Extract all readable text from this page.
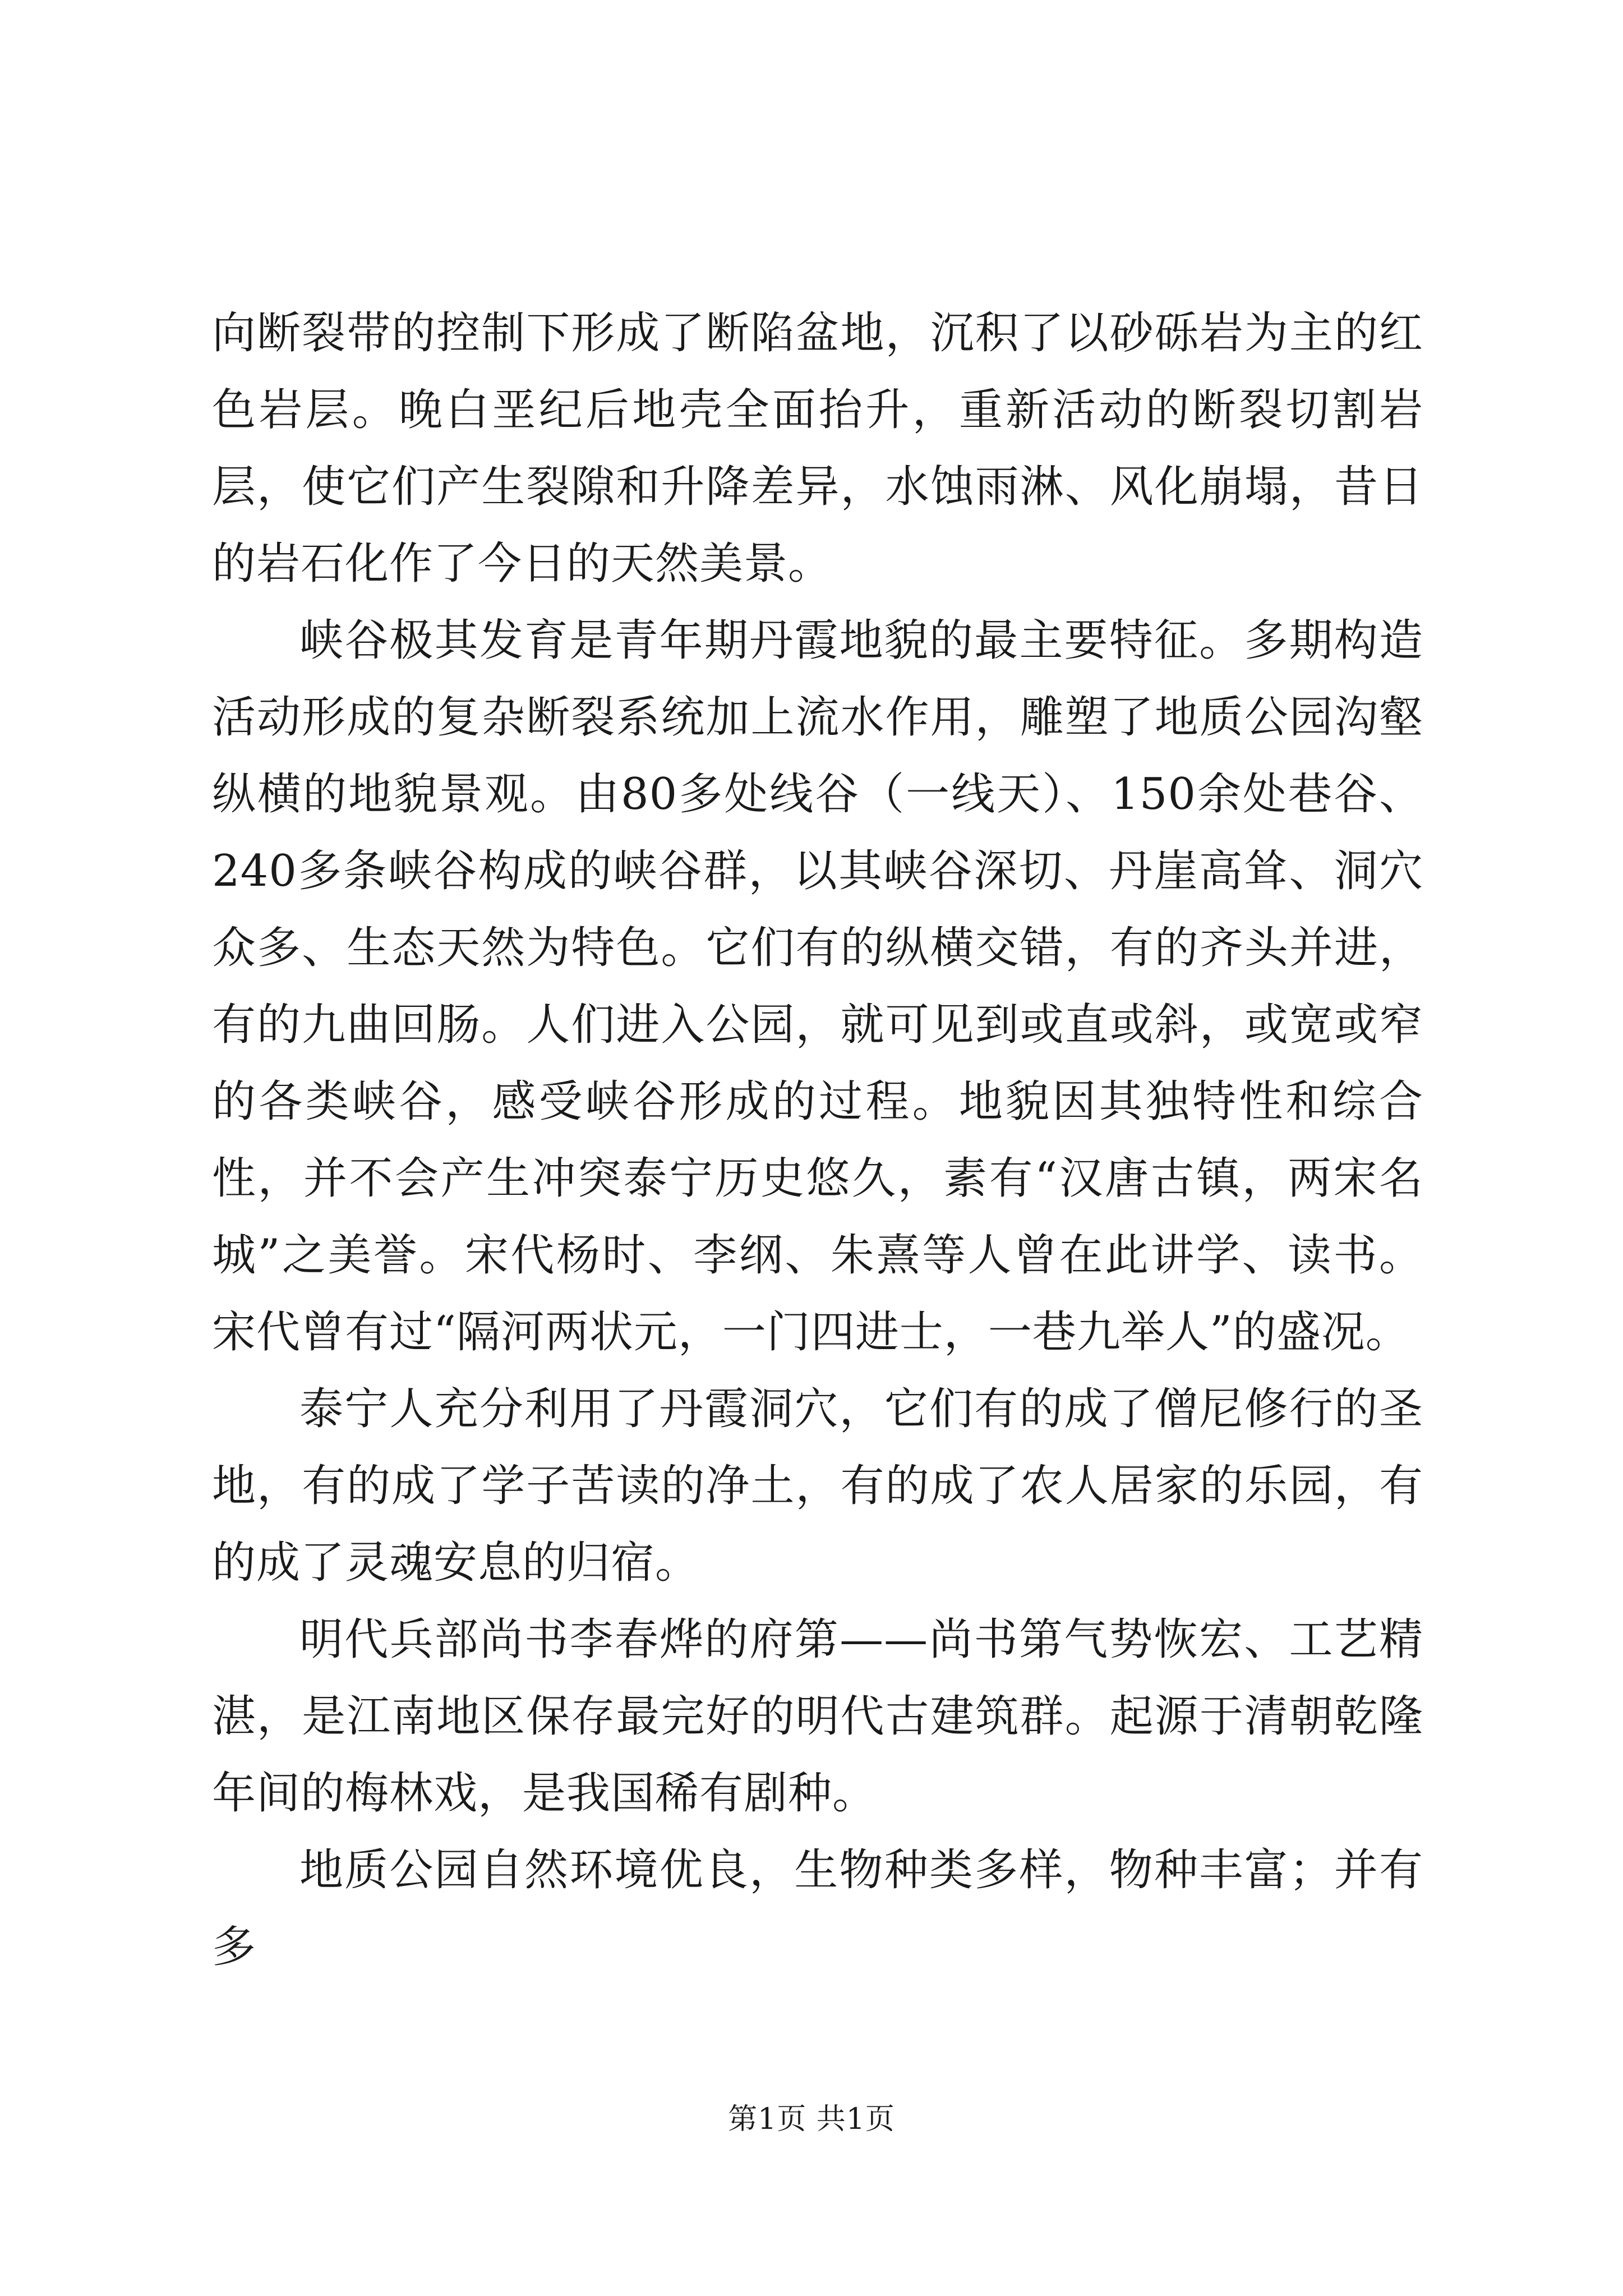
向断裂带的控制下形成了断陷盆地，沉积了以砂砾岩为主的红色岩层。晚白垩纪后地壳全面抬升，重新活动的断裂切割岩层，使它们产生裂隙和升降差异，水蚀雨淋、风化崩塌，昔日的岩石化作了今日的天然美景。

峡谷极其发育是青年期丹霞地貌的最主要特征。多期构造活动形成的复杂断裂系统加上流水作用，雕塑了地质公园沟壑纵横的地貌景观。由80多处线谷（一线天）、150余处巷谷、240多条峡谷构成的峡谷群，以其峡谷深切、丹崖高耸、洞穴众多、生态天然为特色。它们有的纵横交错，有的齐头并进，有的九曲回肠。人们进入公园，就可见到或直或斜，或宽或窄的各类峡谷，感受峡谷形成的过程。地貌因其独特性和综合性，并不会产生冲突泰宁历史悠久，素有“汉唐古镇，两宋名城”之美誉。宋代杨时、李纲、朱熹等人曾在此讲学、读书。宋代曾有过“隔河两状元，一门四进士，一巷九举人”的盛况。

泰宁人充分利用了丹霞洞穴，它们有的成了僧尼修行的圣地，有的成了学子苦读的净土，有的成了农人居家的乐园，有的成了灵魂安息的归宿。

明代兵部尚书李春烨的府第——尚书第气势恢宏、工艺精湛，是江南地区保存最完好的明代古建筑群。起源于清朝乾隆年间的梅林戏，是我国稀有剧种。

地质公园自然环境优良，生物种类多样，物种丰富；并有多

第1页 共1页
